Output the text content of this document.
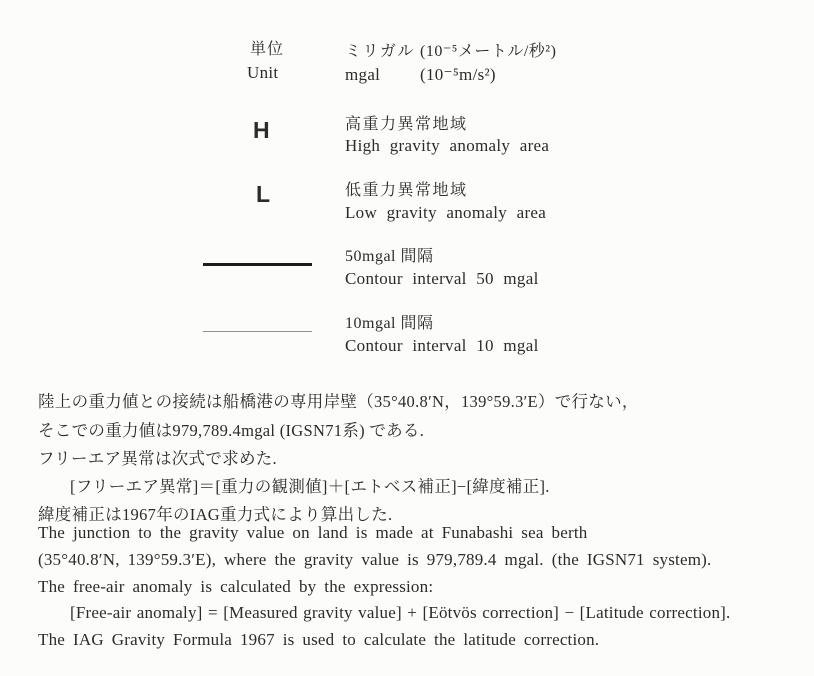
単位
Unit
ミリガル (10⁻⁵メートル/秒²)
mgal (10⁻⁵m/s²)
H	高重力異常地域
High gravity anomaly area
L	低重力異常地域
Low gravity anomaly area
50mgal 間隔
Contour interval 50 mgal
10mgal 間隔
Contour interval 10 mgal
陸上の重力値との接続は船橋港の専用岸壁（35°40.8′N，139°59.3′E）で行ない，
そこでの重力値は979,789.4mgal (IGSN71系) である.
フリーエア異常は次式で求めた.
[フリーエア異常]＝[重力の観測値]＋[エトベス補正]−[緯度補正].
緯度補正は1967年のIAG重力式により算出した.
The junction to the gravity value on land is made at Funabashi sea berth
(35°40.8′N, 139°59.3′E), where the gravity value is 979,789.4 mgal. (the IGSN71 system).
The free-air anomaly is calculated by the expression:
[Free-air anomaly] = [Measured gravity value] + [Eötvös correction] − [Latitude correction].
The IAG Gravity Formula 1967 is used to calculate the latitude correction.
